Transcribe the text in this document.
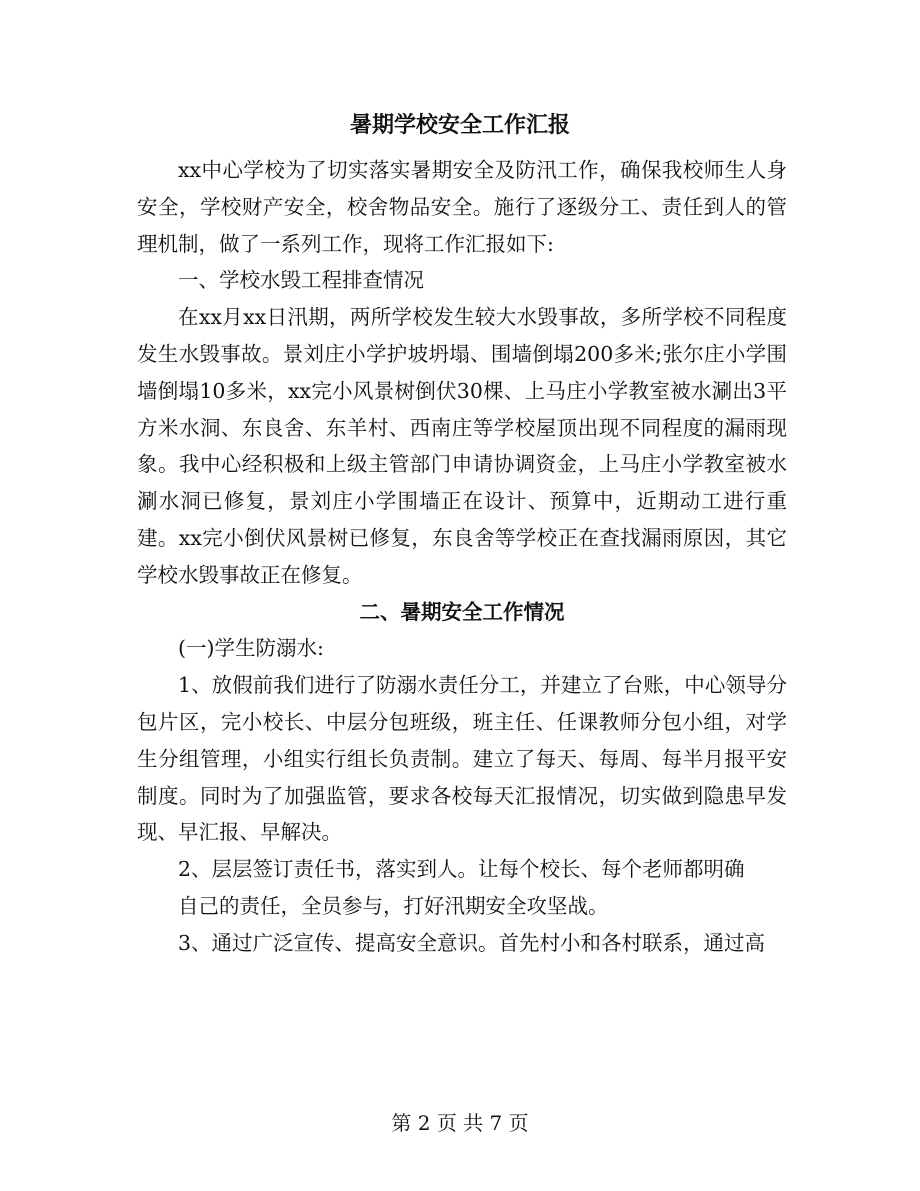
暑期学校安全工作汇报

xx中心学校为了切实落实暑期安全及防汛工作，确保我校师生人身安全，学校财产安全，校舍物品安全。施行了逐级分工、责任到人的管理机制，做了一系列工作，现将工作汇报如下:

一、学校水毁工程排查情况

在xx月xx日汛期，两所学校发生较大水毁事故，多所学校不同程度发生水毁事故。景刘庄小学护坡坍塌、围墙倒塌200多米;张尔庄小学围墙倒塌10多米，xx完小风景树倒伏30棵、上马庄小学教室被水涮出3平方米水洞、东良舍、东羊村、西南庄等学校屋顶出现不同程度的漏雨现象。我中心经积极和上级主管部门申请协调资金，上马庄小学教室被水涮水洞已修复，景刘庄小学围墙正在设计、预算中，近期动工进行重建。xx完小倒伏风景树已修复，东良舍等学校正在查找漏雨原因，其它学校水毁事故正在修复。

二、暑期安全工作情况

(一)学生防溺水:

1、放假前我们进行了防溺水责任分工，并建立了台账，中心领导分包片区，完小校长、中层分包班级，班主任、任课教师分包小组，对学生分组管理，小组实行组长负责制。建立了每天、每周、每半月报平安制度。同时为了加强监管，要求各校每天汇报情况，切实做到隐患早发现、早汇报、早解决。

2、层层签订责任书，落实到人。让每个校长、每个老师都明确

自己的责任，全员参与，打好汛期安全攻坚战。

3、通过广泛宣传、提高安全意识。首先村小和各村联系，通过高

第 2 页 共 7 页
